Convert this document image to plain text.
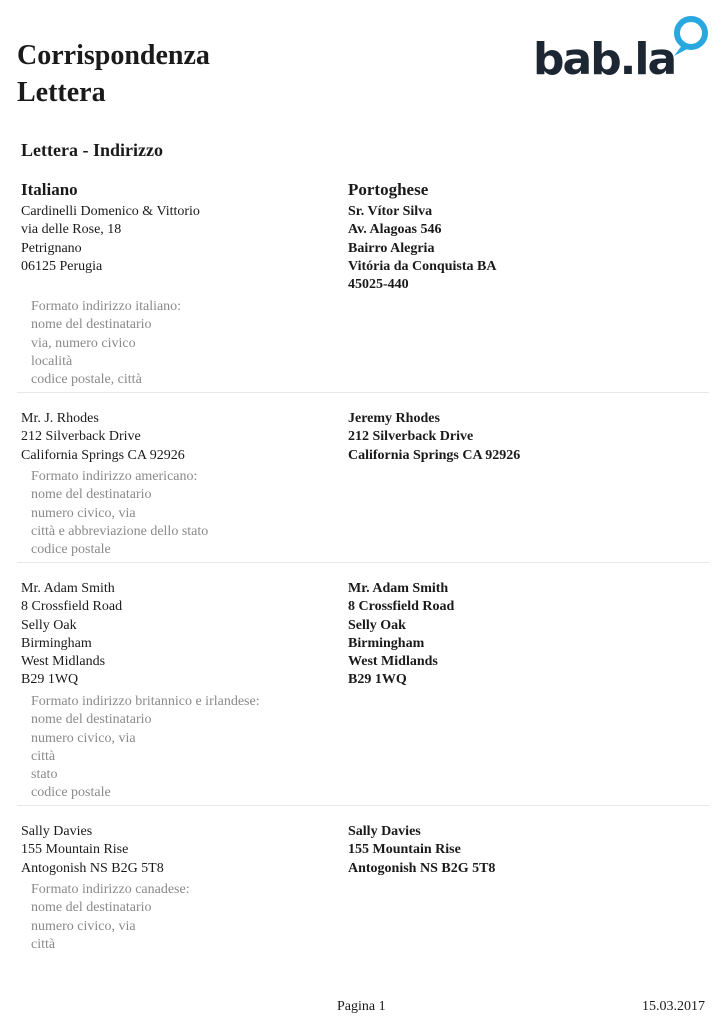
Corrispondenza
Lettera
bab.la
Lettera - Indirizzo
Italiano	Portoghese
Cardinelli Domenico & Vittorio
via delle Rose, 18
Petrignano
06125 Perugia
Sr. Vítor Silva
Av. Alagoas 546
Bairro Alegria
Vitória da Conquista BA
45025-440
Formato indirizzo italiano:
nome del destinatario
via, numero civico
località
codice postale, città
Mr. J. Rhodes
212 Silverback Drive
California Springs CA 92926
Jeremy Rhodes
212 Silverback Drive
California Springs CA 92926
Formato indirizzo americano:
nome del destinatario
numero civico, via
città e abbreviazione dello stato
codice postale
Mr. Adam Smith
8 Crossfield Road
Selly Oak
Birmingham
West Midlands
B29 1WQ
Mr. Adam Smith
8 Crossfield Road
Selly Oak
Birmingham
West Midlands
B29 1WQ
Formato indirizzo britannico e irlandese:
nome del destinatario
numero civico, via
città
stato
codice postale
Sally Davies
155 Mountain Rise
Antogonish NS B2G 5T8
Sally Davies
155 Mountain Rise
Antogonish NS B2G 5T8
Formato indirizzo canadese:
nome del destinatario
numero civico, via
città
Pagina 1	15.03.2017
